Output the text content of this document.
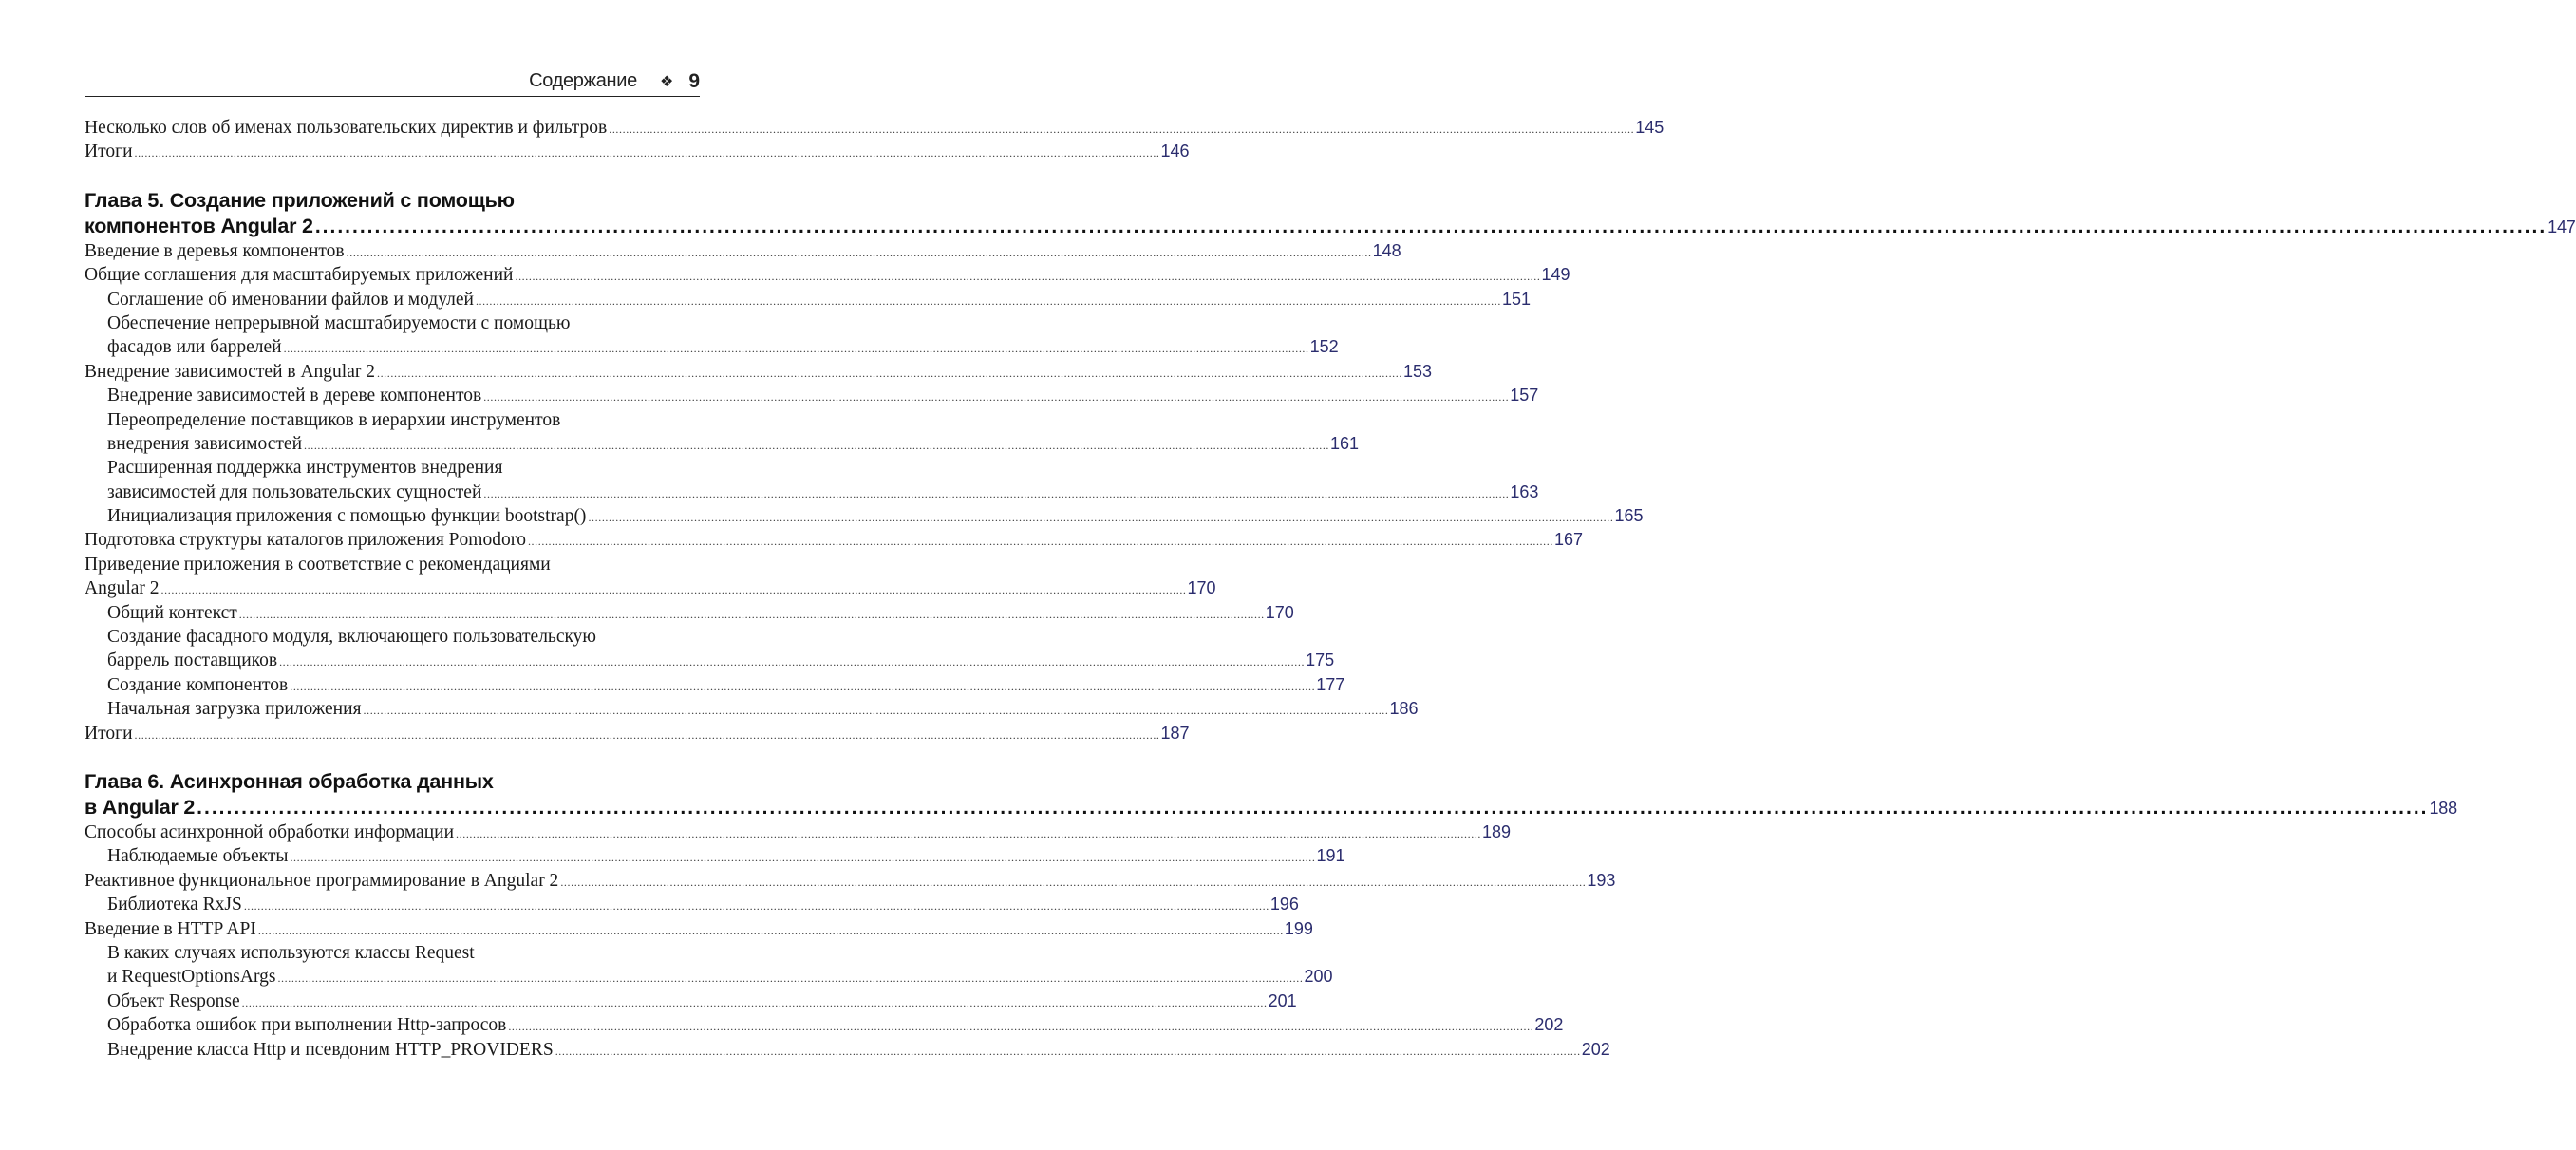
Содержание ❖ 9
Несколько слов об именах пользовательских директив и фильтров ............................................................................................................................................................................................................................................................................................................ 145
Итоги ............................................................................................................................................................................................................................................................................................................ 146
Глава 5. Создание приложений с помощью
компонентов Angular 2 ............................................................................................................................................................................................................................................................................................................ 147
Введение в деревья компонентов ............................................................................................................................................................................................................................................................................................................ 148
Общие соглашения для масштабируемых приложений ............................................................................................................................................................................................................................................................................................................ 149
Соглашение об именовании файлов и модулей ............................................................................................................................................................................................................................................................................................................ 151
Обеспечение непрерывной масштабируемости с помощью
фасадов или баррелей ............................................................................................................................................................................................................................................................................................................ 152
Внедрение зависимостей в Angular 2 ............................................................................................................................................................................................................................................................................................................ 153
Внедрение зависимостей в дереве компонентов ............................................................................................................................................................................................................................................................................................................ 157
Переопределение поставщиков в иерархии инструментов
внедрения зависимостей ............................................................................................................................................................................................................................................................................................................ 161
Расширенная поддержка инструментов внедрения
зависимостей для пользовательских сущностей ............................................................................................................................................................................................................................................................................................................ 163
Инициализация приложения с помощью функции bootstrap() ............................................................................................................................................................................................................................................................................................................ 165
Подготовка структуры каталогов приложения Pomodoro ............................................................................................................................................................................................................................................................................................................ 167
Приведение приложения в соответствие с рекомендациями
Angular 2 ............................................................................................................................................................................................................................................................................................................ 170
Общий контекст ............................................................................................................................................................................................................................................................................................................ 170
Создание фасадного модуля, включающего пользовательскую
баррель поставщиков ............................................................................................................................................................................................................................................................................................................ 175
Создание компонентов ............................................................................................................................................................................................................................................................................................................ 177
Начальная загрузка приложения ............................................................................................................................................................................................................................................................................................................ 186
Итоги ............................................................................................................................................................................................................................................................................................................ 187
Глава 6. Асинхронная обработка данных
в Angular 2 ............................................................................................................................................................................................................................................................................................................ 188
Способы асинхронной обработки информации ............................................................................................................................................................................................................................................................................................................ 189
Наблюдаемые объекты ............................................................................................................................................................................................................................................................................................................ 191
Реактивное функциональное программирование в Angular 2 ............................................................................................................................................................................................................................................................................................................ 193
Библиотека RxJS ............................................................................................................................................................................................................................................................................................................ 196
Введение в HTTP API ............................................................................................................................................................................................................................................................................................................ 199
В каких случаях используются классы Request
и RequestOptionsArgs ............................................................................................................................................................................................................................................................................................................ 200
Объект Response ............................................................................................................................................................................................................................................................................................................ 201
Обработка ошибок при выполнении Http-запросов ............................................................................................................................................................................................................................................................................................................ 202
Внедрение класса Http и псевдоним HTTP_PROVIDERS ............................................................................................................................................................................................................................................................................................................ 202
